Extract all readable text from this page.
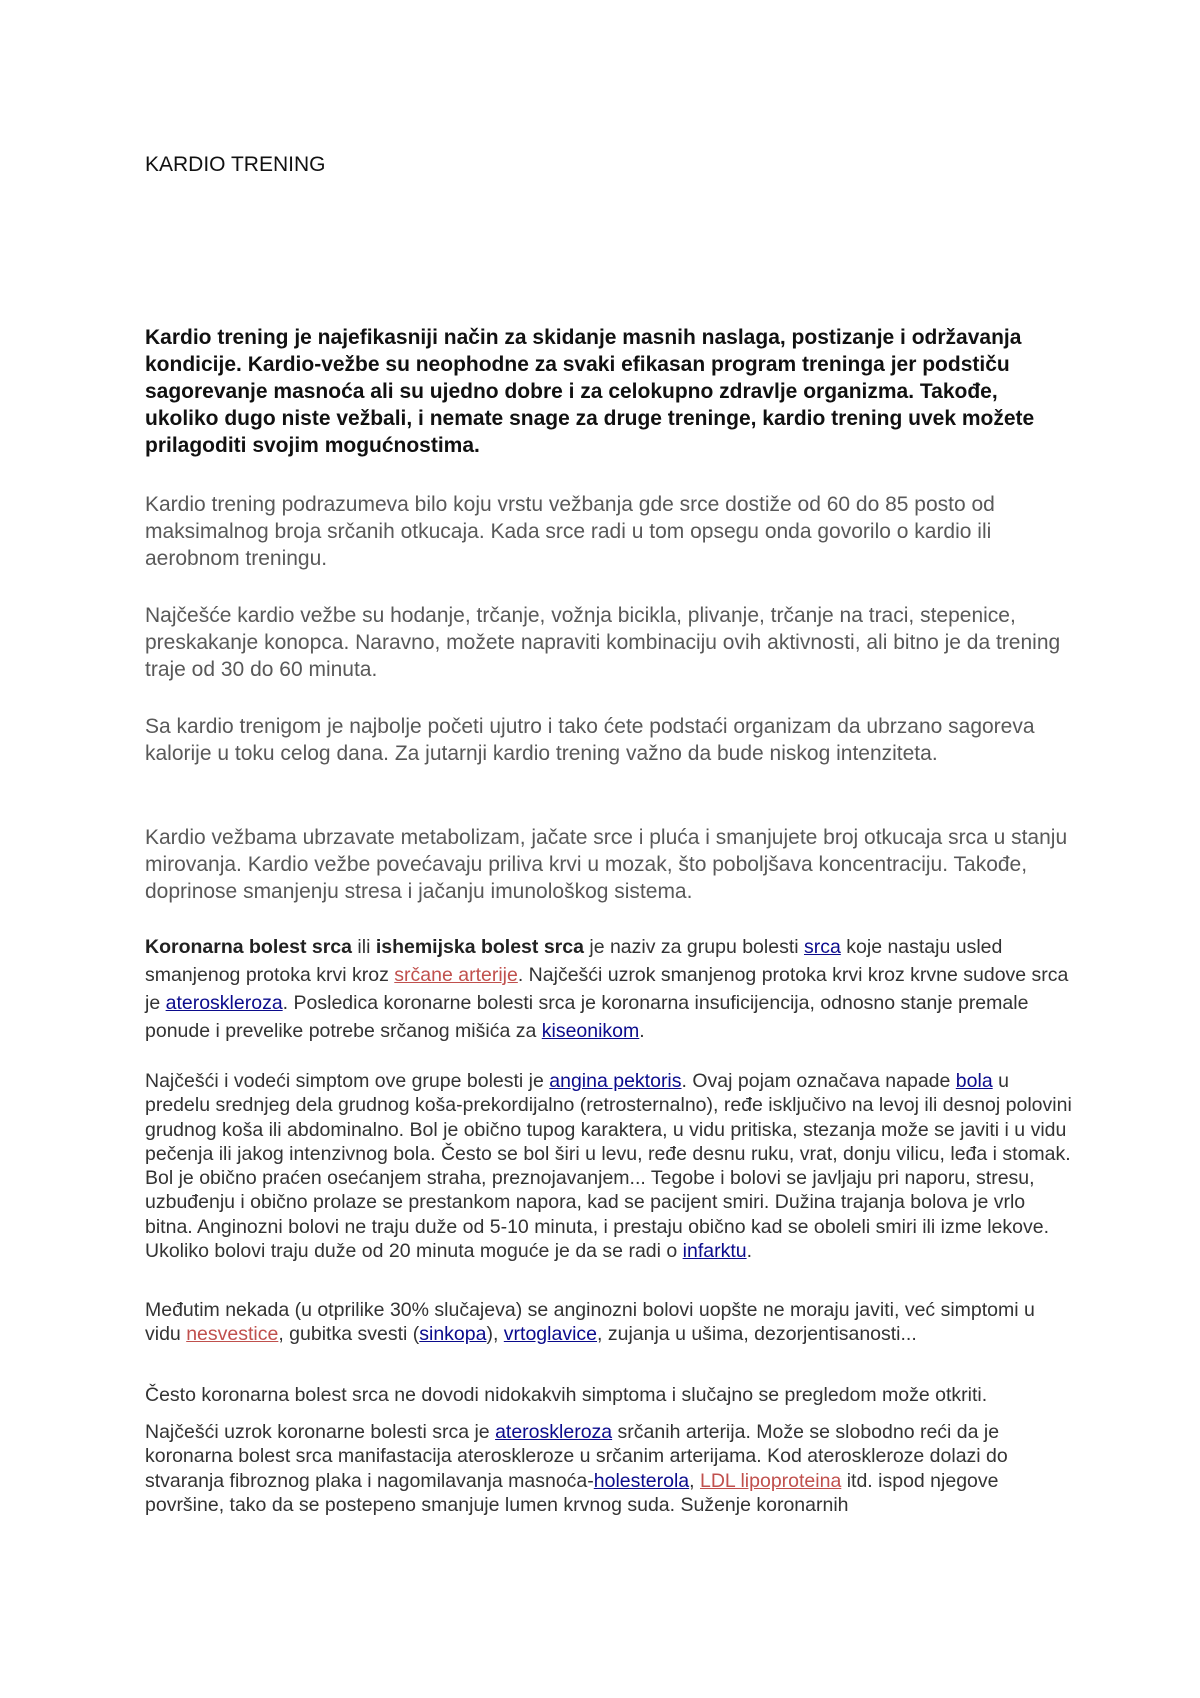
KARDIO TRENING
Kardio trening je najefikasniji način za skidanje masnih naslaga, postizanje i održavanja kondicije. Kardio-vežbe su neophodne za svaki efikasan program treninga jer podstiču sagorevanje masnoća ali su ujedno dobre i za celokupno zdravlje organizma. Takođe, ukoliko dugo niste vežbali, i nemate snage za druge treninge, kardio trening uvek možete prilagoditi svojim mogućnostima.

Kardio trening podrazumeva bilo koju vrstu vežbanja gde srce dostiže od 60 do 85 posto od maksimalnog broja srčanih otkucaja. Kada srce radi u tom opsegu onda govorilo o kardio ili aerobnom treningu.

Najčešće kardio vežbe su hodanje, trčanje, vožnja bicikla, plivanje, trčanje na traci, stepenice, preskakanje konopca. Naravno, možete napraviti kombinaciju ovih aktivnosti, ali bitno je da trening traje od 30 do 60 minuta.

Sa kardio trenigom je najbolje početi ujutro i tako ćete podstaći organizam da ubrzano sagoreva kalorije u toku celog dana. Za jutarnji kardio trening važno da bude niskog intenziteta.

Kardio vežbama ubrzavate metabolizam, jačate srce i pluća i smanjujete broj otkucaja srca u stanju mirovanja. Kardio vežbe povećavaju priliva krvi u mozak, što poboljšava koncentraciju. Takođe, doprinose smanjenju stresa i jačanju imunološkog sistema.

Koronarna bolest srca ili ishemijska bolest srca je naziv za grupu bolesti srca koje nastaju usled smanjenog protoka krvi kroz srčane arterije. Najčešći uzrok smanjenog protoka krvi kroz krvne sudove srca je ateroskleroza. Posledica koronarne bolesti srca je koronarna insuficijencija, odnosno stanje premale ponude i prevelike potrebe srčanog mišića za kiseonikom.

Najčešći i vodeći simptom ove grupe bolesti je angina pektoris. Ovaj pojam označava napade bola u predelu srednjeg dela grudnog koša-prekordijalno (retrosternalno), ređe isključivo na levoj ili desnoj polovini grudnog koša ili abdominalno. Bol je obično tupog karaktera, u vidu pritiska, stezanja može se javiti i u vidu pečenja ili jakog intenzivnog bola. Često se bol širi u levu, ređe desnu ruku, vrat, donju vilicu, leđa i stomak. Bol je obično praćen osećanjem straha, preznojavanjem... Tegobe i bolovi se javljaju pri naporu, stresu, uzbuđenju i obično prolaze se prestankom napora, kad se pacijent smiri. Dužina trajanja bolova je vrlo bitna. Anginozni bolovi ne traju duže od 5-10 minuta, i prestaju obično kad se oboleli smiri ili izme lekove. Ukoliko bolovi traju duže od 20 minuta moguće je da se radi o infarktu.

Međutim nekada (u otprilike 30% slučajeva) se anginozni bolovi uopšte ne moraju javiti, već simptomi u vidu nesvestice, gubitka svesti (sinkopa), vrtoglavice, zujanja u ušima, dezorjentisanosti...

Često koronarna bolest srca ne dovodi nidokakvih simptoma i slučajno se pregledom može otkriti.

Najčešći uzrok koronarne bolesti srca je ateroskleroza srčanih arterija. Može se slobodno reći da je koronarna bolest srca manifastacija ateroskleroze u srčanim arterijama. Kod ateroskleroze dolazi do stvaranja fibroznog plaka i nagomilavanja masnoća-holesterola, LDL lipoproteina itd. ispod njegove površine, tako da se postepeno smanjuje lumen krvnog suda. Suženje koronarnih
